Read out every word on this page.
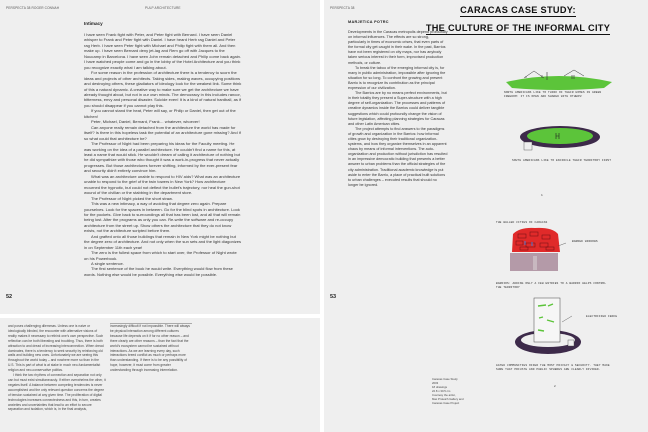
PERSPECTA 38 ROGER CONNAH	PULP ARCHITECTURE
Intimacy

I have seen Frank fight with Peter, and Peter fight with Bernard. I have seen Daniel whisper to Frank and Peter fight with Daniel. I have heard Herb rag Daniel and Peter rag Herb. I have seen Peter fight with Michael and Philip fight with them all. And then make up. I have seen Bernard deny jet-lag and Rem go off with Jacques to the Noucamp in Barcelona. I have seen John remain detached and Philip come back again. I have watched people come and go in the lobby of the Hotel Architecture and you think you recognize exactly what I am talking about.

For some reason in the profession of architecture there is a tendency to scorn the ideas and projects of other architects. Taking sides, making waves, occupying positions and destroying others, these gladiators of ideology look for the weakest link. Some think of this a natural dynamic. A creative way to make sure we get the architecture we have already thought about, but not in our own minds. The democracy in this includes rancor, bitterness, envy and personal disaster. Suicide even! It is a kind of natural hardball, as if you should disappear if you cannot play this.

If you cannot stand the heat, Peter will say, or Philip or Daniel, then get out of the kitchen!

Peter, Michael, Daniel, Bernard, Frank… whatever, whoever!

Can anyone really remain detached from the architecture the world has made for itself? Is there in this hopeless task the potential of an architecture gone missing? And if so what could that architecture be?

The Professor of Night had been preparing his ideas for the Faculty meeting. He was working on the idea of a parallel architecture. He couldn't find a name for this, at least a name that would stick. He wouldn't dream of calling it architecture of nothing but he did sympathize with those who thought it was a work-in-progress that never actually progresses. But those architectures forever shifting, informed by the ever-present fear and security didn't entirely convince him.

What was an architecture unable to respond to HIV aids? What was an architecture unable to respond to the grief of the twin towers in New York? How architecture mourned the hypnotic, but could not deflect the bullet's trajectory, nor heal the gun-shot wound of the civilian or the stabbing in the department store.

The Professor of Night picked the short straw.

This was a new intimacy, a way of avoiding that degree zero again. Prepare yourselves. Look for the spaces in between. Go for the blind spots in architecture. Look for the pockets. Give back to surroundings all that has been lost, and all that will remain being lost. Alter the programs as only you can. Re-write the software and re-occupy architecture from the street up. Show others the architecture that they do not know exists, not the architecture scripted before them.

And grafted onto all those buildings that remain in New York might be nothing but the degree zero of architecture. And not only when the sun sets and the light diagonizes in on September 11th each year!

The zero is the fullest space from which to start over, the Professor of Night wrote on his Powerbook.

A single sentence.

The first sentence of the book he would write. Everything would flow from these words. Nothing else would be possible. Everything else would be possible.

52
PERSPECTA 38	CARACAS CASE STUDY:
THE CULTURE OF THE INFORMAL CITY
MARJETICA POTRC

Developments in the Caracas metropolis depend profoundly on informal influences. The effects are so strong, particularly in times of economic crises, that even parts of the formal city get caught in their wake. In the past, Barrios have not been registered on city maps, nor has anybody taken serious interest in their form, improvised production methods, or culture.

To break the taboo of the emerging informal city is, for many in public administration, impossible after ignoring the situation for so long. To confront the growing and present Barrio is to recognize its contribution as the principal expression of our civilization.

The Barrios are by no means perfect environments, but in their totality they present a Super-structure with a high degree of self-organization. The processes and patterns of creative dynamics inside the Barrios could deliver tangible suggestions which could profoundly change the vision of future legislation, affecting planning strategies for Caracas and other Latin American cities.

The project attempts to find answers to the paradigms of growth and organization in the Barrios: how informal cities grow by destroying their traditional organization-systems, and how they organize themselves in an apparent chaos by means of informal interventions. The auto-organization and production without jurisdiction has resulted in an impressive democratic building that presents a better answer to urban problems than the official strategies of the city administration. Traditional academic knowledge is put aside to enter the Barrio, a place of practical built solutions to urban challenges – executed results that should no longer be ignored.

53
NORTH AMERICANS LIKE TO THINK OF THEIR HOMES IN GREEN FREEDOM: IT IS OPEN AND SHARED WITH OTHERS!
SOUTH AMERICANS LIKE TO ENCIRCLE THEIR TERRITORY FIRST
1
THE WALLED CITIES OF CARACAS
BARRED WINDOWS
BARRIOS: ADDING ONLY A FEW ENTRIES TO A BARRIO HELPS CONTROL THE TERRITORY
ELECTRIFIED FENCE
GATED COMMUNITIES OFFER THE MOST PRIVACY & SECURITY. THEY MAKE SURE THAT PRIVATE AND PUBLIC SPHERES ARE CLEARLY DIVIDED.
2
Caracas Case Study
2003
18 drawings
22.8 x 30.5 cm
Courtesy the artist,
Max Protetch Gallery and
Caracas Case Project

and poses challenging dilemmas. Unless one is naive or ideologically blinded, the encounter with alternative visions of reality makes it necessary to rethink one's own perspective. Such reflection can be both liberating and troubling. Thus, there is both attraction to and dread of increasing interconnection. When dread dominates, there is a tendency to seek security by reinforcing old walls and building new ones. Unfortunately we are seeing this throughout the world today – and nowhere more so than in the U.S. This is part of what is at stake in much neo-fundamentalist religion and neo-conservative politics.

I think the two rhythms of connection and separation not only can but must exist simultaneously. If either overwhelms the other, it negates itself. A balance between competing tendencies is never accomplished and the only relevant question concerns the degree of tension sustained at any given time. The proliferation of digital technologies increases connectedness and this, in turn, creates anxieties and uncertainties that lead to an effort to secure separation and isolation, which is, in the final analysis,

increasingly difficult if not impossible. There will always be physical interaction among different cultures because life depends on it if for no other reason – and there clearly are other reasons – than the fact that the world's ecosystem cannot be sustained without interactions. As we are learning every day, such interactions breed conflict as much or perhaps more than understanding. If there is to be any possibility of hope, however, it must come from greater understanding through increasing interrelation.
